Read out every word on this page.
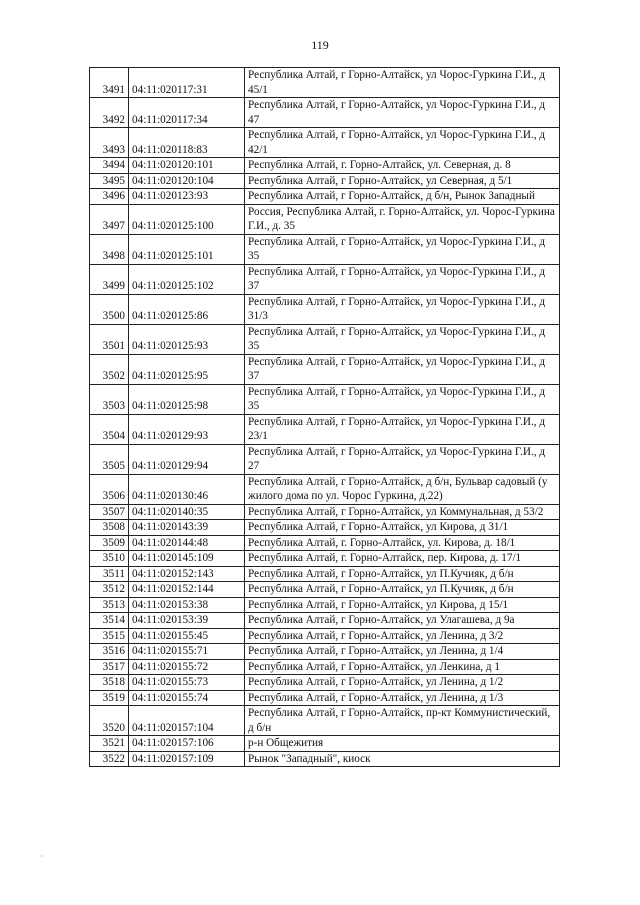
119
3491	04:11:020117:31	Республика Алтай, г Горно-Алтайск, ул Чорос-Гуркина Г.И., д 45/1
3492	04:11:020117:34	Республика Алтай, г Горно-Алтайск, ул Чорос-Гуркина Г.И., д 47
3493	04:11:020118:83	Республика Алтай, г Горно-Алтайск, ул Чорос-Гуркина Г.И., д 42/1
3494	04:11:020120:101	Республика Алтай, г. Горно-Алтайск, ул. Северная, д. 8
3495	04:11:020120:104	Республика Алтай, г Горно-Алтайск, ул Северная, д 5/1
3496	04:11:020123:93	Республика Алтай, г Горно-Алтайск, д б/н, Рынок Западный
3497	04:11:020125:100	Россия, Республика Алтай, г. Горно-Алтайск, ул. Чорос-Гуркина Г.И., д. 35
3498	04:11:020125:101	Республика Алтай, г Горно-Алтайск, ул Чорос-Гуркина Г.И., д 35
3499	04:11:020125:102	Республика Алтай, г Горно-Алтайск, ул Чорос-Гуркина Г.И., д 37
3500	04:11:020125:86	Республика Алтай, г Горно-Алтайск, ул Чорос-Гуркина Г.И., д 31/3
3501	04:11:020125:93	Республика Алтай, г Горно-Алтайск, ул Чорос-Гуркина Г.И., д 35
3502	04:11:020125:95	Республика Алтай, г Горно-Алтайск, ул Чорос-Гуркина Г.И., д 37
3503	04:11:020125:98	Республика Алтай, г Горно-Алтайск, ул Чорос-Гуркина Г.И., д 35
3504	04:11:020129:93	Республика Алтай, г Горно-Алтайск, ул Чорос-Гуркина Г.И., д 23/1
3505	04:11:020129:94	Республика Алтай, г Горно-Алтайск, ул Чорос-Гуркина Г.И., д 27
3506	04:11:020130:46	Республика Алтай, г Горно-Алтайск, д б/н, Бульвар садовый (у жилого дома по ул. Чорос Гуркина, д.22)
3507	04:11:020140:35	Республика Алтай, г Горно-Алтайск, ул Коммунальная, д 53/2
3508	04:11:020143:39	Республика Алтай, г Горно-Алтайск, ул Кирова, д 31/1
3509	04:11:020144:48	Республика Алтай, г. Горно-Алтайск, ул. Кирова, д. 18/1
3510	04:11:020145:109	Республика Алтай, г. Горно-Алтайск, пер. Кирова, д. 17/1
3511	04:11:020152:143	Республика Алтай, г Горно-Алтайск, ул П.Кучияк, д б/н
3512	04:11:020152:144	Республика Алтай, г Горно-Алтайск, ул П.Кучияк, д б/н
3513	04:11:020153:38	Республика Алтай, г Горно-Алтайск, ул Кирова, д 15/1
3514	04:11:020153:39	Республика Алтай, г Горно-Алтайск, ул Улагашева, д 9а
3515	04:11:020155:45	Республика Алтай, г Горно-Алтайск, ул Ленина, д 3/2
3516	04:11:020155:71	Республика Алтай, г Горно-Алтайск, ул Ленина, д 1/4
3517	04:11:020155:72	Республика Алтай, г Горно-Алтайск, ул Ленкина, д 1
3518	04:11:020155:73	Республика Алтай, г Горно-Алтайск, ул Ленина, д 1/2
3519	04:11:020155:74	Республика Алтай, г Горно-Алтайск, ул Ленина, д 1/3
3520	04:11:020157:104	Республика Алтай, г Горно-Алтайск, пр-кт Коммунистический, д б/н
3521	04:11:020157:106	р-н Общежития
3522	04:11:020157:109	Рынок "Западный", киоск
·
